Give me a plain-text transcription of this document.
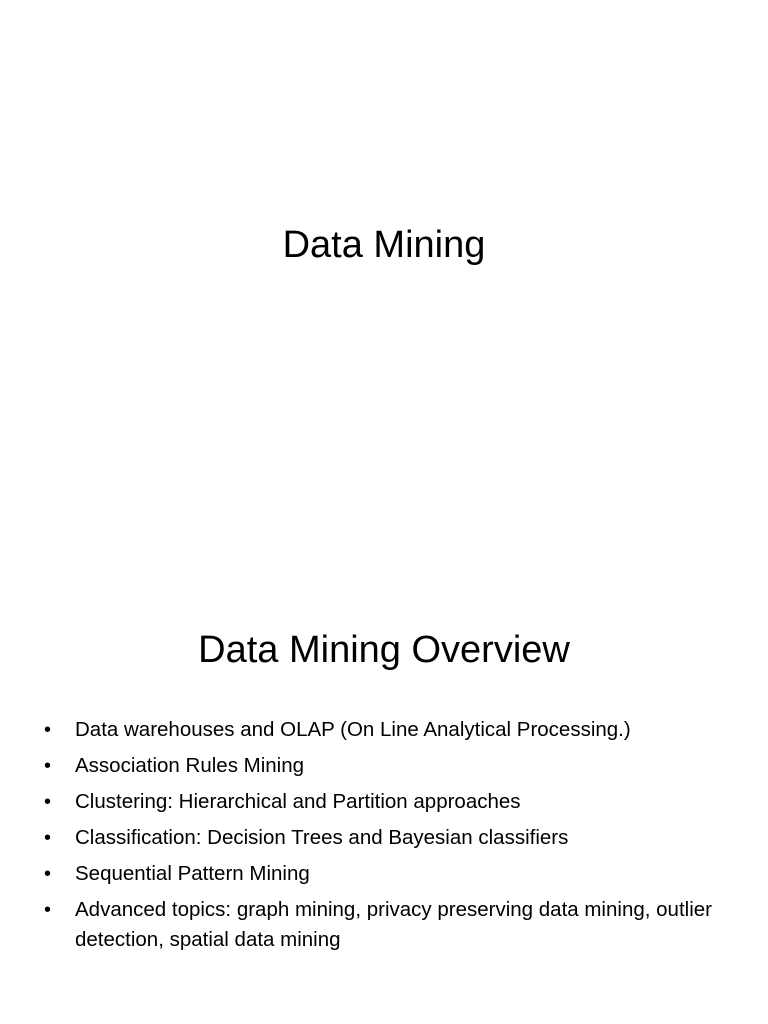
Data Mining
Data Mining Overview
• Data warehouses and OLAP (On Line Analytical Processing.)
• Association Rules Mining
• Clustering: Hierarchical and Partition approaches
• Classification: Decision Trees and Bayesian classifiers
• Sequential Pattern Mining
• Advanced topics: graph mining, privacy preserving data mining, outlier detection, spatial data mining
